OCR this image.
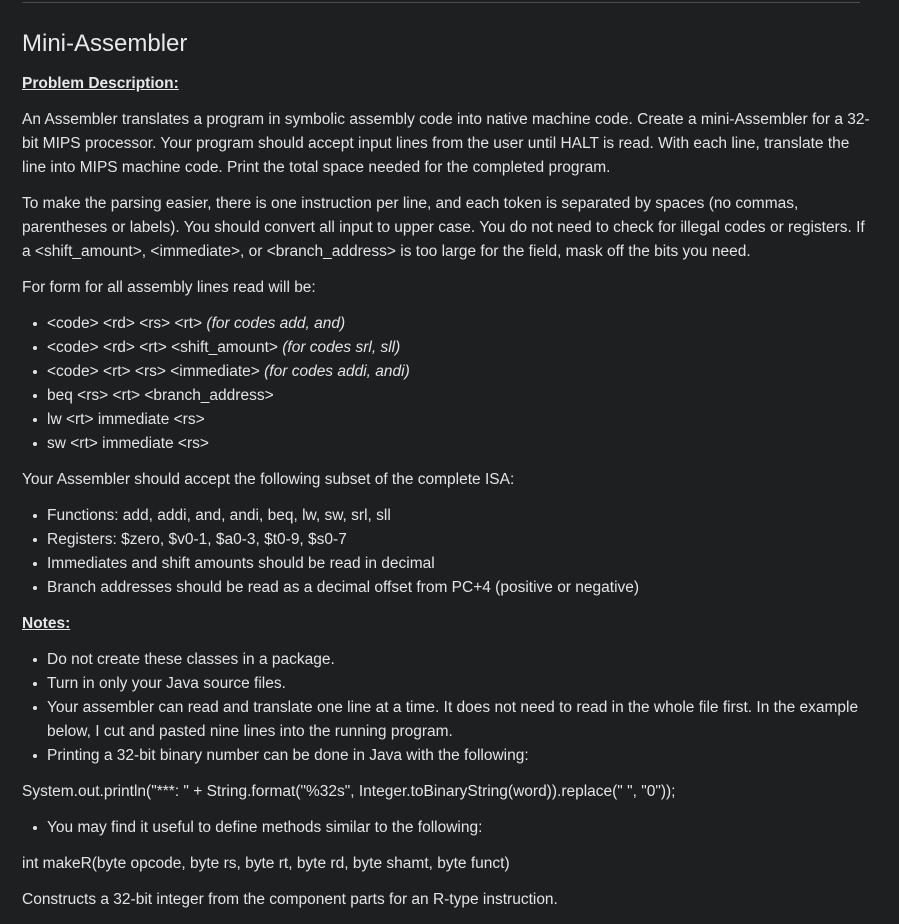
Mini-Assembler
Problem Description:

An Assembler translates a program in symbolic assembly code into native machine code. Create a mini-Assembler for a 32-bit MIPS processor. Your program should accept input lines from the user until HALT is read. With each line, translate the line into MIPS machine code. Print the total space needed for the completed program.

To make the parsing easier, there is one instruction per line, and each token is separated by spaces (no commas, parentheses or labels). You should convert all input to upper case. You do not need to check for illegal codes or registers. If a <shift_amount>, <immediate>, or <branch_address> is too large for the field, mask off the bits you need.

For form for all assembly lines read will be:

<code> <rd> <rs> <rt> (for codes add, and)
<code> <rd> <rt> <shift_amount> (for codes srl, sll)
<code> <rt> <rs> <immediate> (for codes addi, andi)
beq <rs> <rt> <branch_address>
lw <rt> immediate <rs>
sw <rt> immediate <rs>

Your Assembler should accept the following subset of the complete ISA:

Functions: add, addi, and, andi, beq, lw, sw, srl, sll
Registers: $zero, $v0-1, $a0-3, $t0-9, $s0-7
Immediates and shift amounts should be read in decimal
Branch addresses should be read as a decimal offset from PC+4 (positive or negative)
Notes:
Do not create these classes in a package.
Turn in only your Java source files.
Your assembler can read and translate one line at a time. It does not need to read in the whole file first. In the example below, I cut and pasted nine lines into the running program.
Printing a 32-bit binary number can be done in Java with the following:

System.out.println("***: " + String.format("%32s", Integer.toBinaryString(word)).replace(" ", "0"));

You may find it useful to define methods similar to the following:

int makeR(byte opcode, byte rs, byte rt, byte rd, byte shamt, byte funct)

Constructs a 32-bit integer from the component parts for an R-type instruction.
